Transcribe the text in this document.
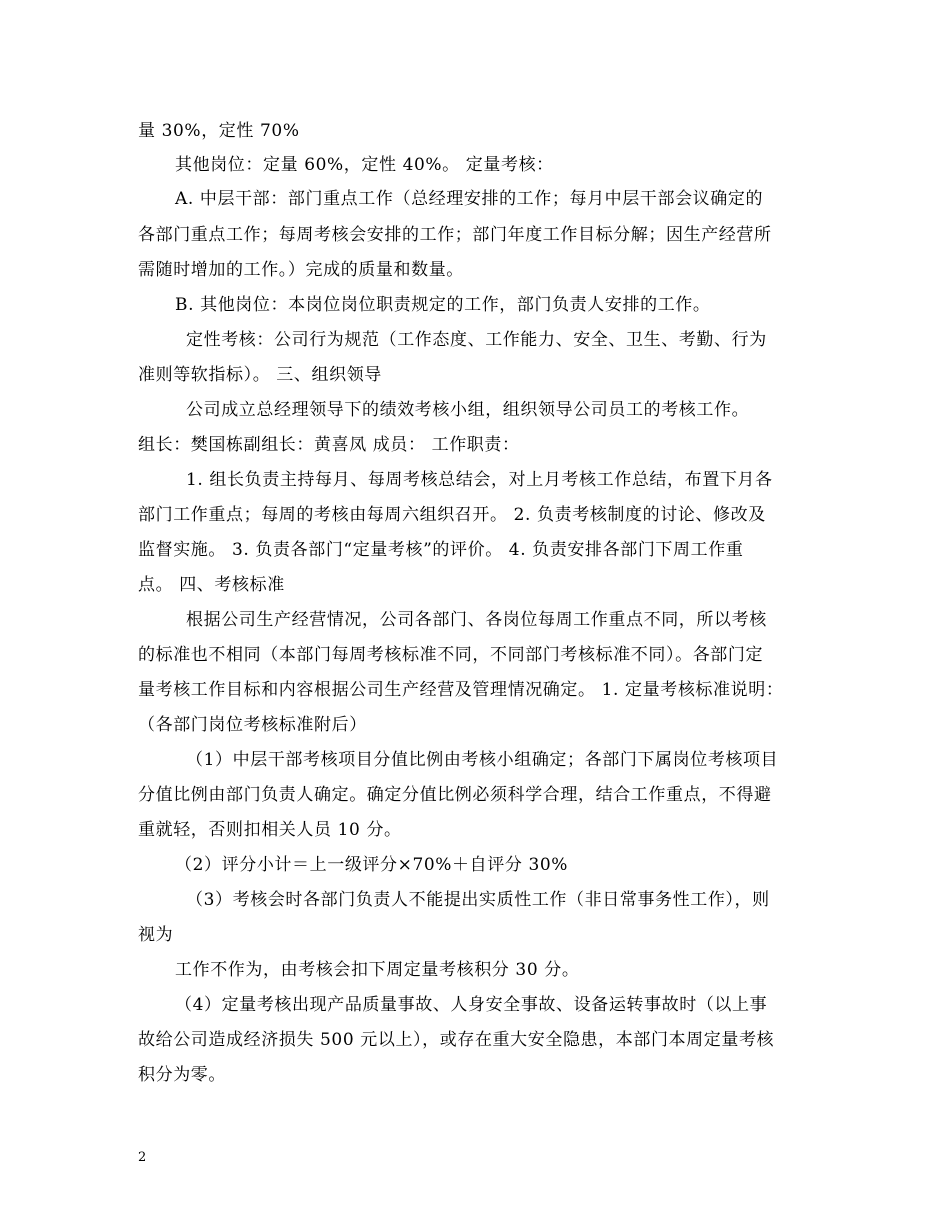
量 30%，定性 70%
其他岗位：定量 60%，定性 40%。 定量考核：
A. 中层干部：部门重点工作（总经理安排的工作；每月中层干部会议确定的
各部门重点工作；每周考核会安排的工作；部门年度工作目标分解；因生产经营所
需随时增加的工作。）完成的质量和数量。
B. 其他岗位：本岗位岗位职责规定的工作，部门负责人安排的工作。
定性考核：公司行为规范（工作态度、工作能力、安全、卫生、考勤、行为
准则等软指标）。 三、组织领导
公司成立总经理领导下的绩效考核小组，组织领导公司员工的考核工作。
组长：樊国栋副组长：黄喜凤 成员： 工作职责：
1. 组长负责主持每月、每周考核总结会，对上月考核工作总结，布置下月各
部门工作重点；每周的考核由每周六组织召开。 2. 负责考核制度的讨论、修改及
监督实施。 3. 负责各部门“定量考核”的评价。 4. 负责安排各部门下周工作重
点。 四、考核标准
根据公司生产经营情况，公司各部门、各岗位每周工作重点不同，所以考核
的标准也不相同（本部门每周考核标准不同，不同部门考核标准不同）。各部门定
量考核工作目标和内容根据公司生产经营及管理情况确定。 1. 定量考核标准说明：
（各部门岗位考核标准附后）
（1）中层干部考核项目分值比例由考核小组确定；各部门下属岗位考核项目
分值比例由部门负责人确定。确定分值比例必须科学合理，结合工作重点，不得避
重就轻，否则扣相关人员 10 分。
（2）评分小计＝上一级评分×70%＋自评分 30%
（3）考核会时各部门负责人不能提出实质性工作（非日常事务性工作），则
视为
工作不作为，由考核会扣下周定量考核积分 30 分。
（4）定量考核出现产品质量事故、人身安全事故、设备运转事故时（以上事
故给公司造成经济损失 500 元以上），或存在重大安全隐患，本部门本周定量考核
积分为零。
2
